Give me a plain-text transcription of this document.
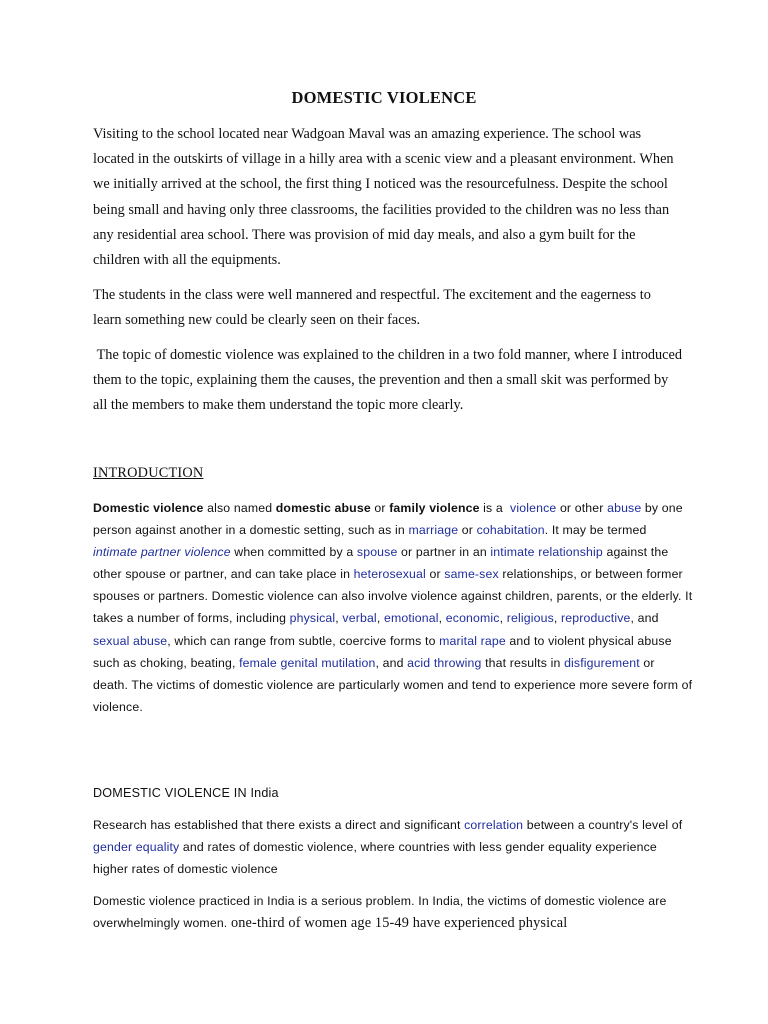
DOMESTIC VIOLENCE

Visiting to the school located near Wadgoan Maval was an amazing experience. The school was located in the outskirts of village in a hilly area with a scenic view and a pleasant environment. When we initially arrived at the school, the first thing I noticed was the resourcefulness. Despite the school being small and having only three classrooms, the facilities provided to the children was no less than any residential area school. There was provision of mid day meals, and also a gym built for the children with all the equipments.

The students in the class were well mannered and respectful. The excitement and the eagerness to learn something new could be clearly seen on their faces.

The topic of domestic violence was explained to the children in a two fold manner, where I introduced them to the topic, explaining them the causes, the prevention and then a small skit was performed by all the members to make them understand the topic more clearly.

INTRODUCTION

Domestic violence also named domestic abuse or family violence is a  violence or other abuse by one person against another in a domestic setting, such as in marriage or cohabitation. It may be termed intimate partner violence when committed by a spouse or partner in an intimate relationship against the other spouse or partner, and can take place in heterosexual or same-sex relationships, or between former spouses or partners. Domestic violence can also involve violence against children, parents, or the elderly. It takes a number of forms, including physical, verbal, emotional, economic, religious, reproductive, and sexual abuse, which can range from subtle, coercive forms to marital rape and to violent physical abuse such as choking, beating, female genital mutilation, and acid throwing that results in disfigurement or death. The victims of domestic violence are particularly women and tend to experience more severe form of violence.

DOMESTIC VIOLENCE IN India

Research has established that there exists a direct and significant correlation between a country's level of gender equality and rates of domestic violence, where countries with less gender equality experience higher rates of domestic violence

Domestic violence practiced in India is a serious problem. In India, the victims of domestic violence are overwhelmingly women. one-third of women age 15-49 have experienced physical
